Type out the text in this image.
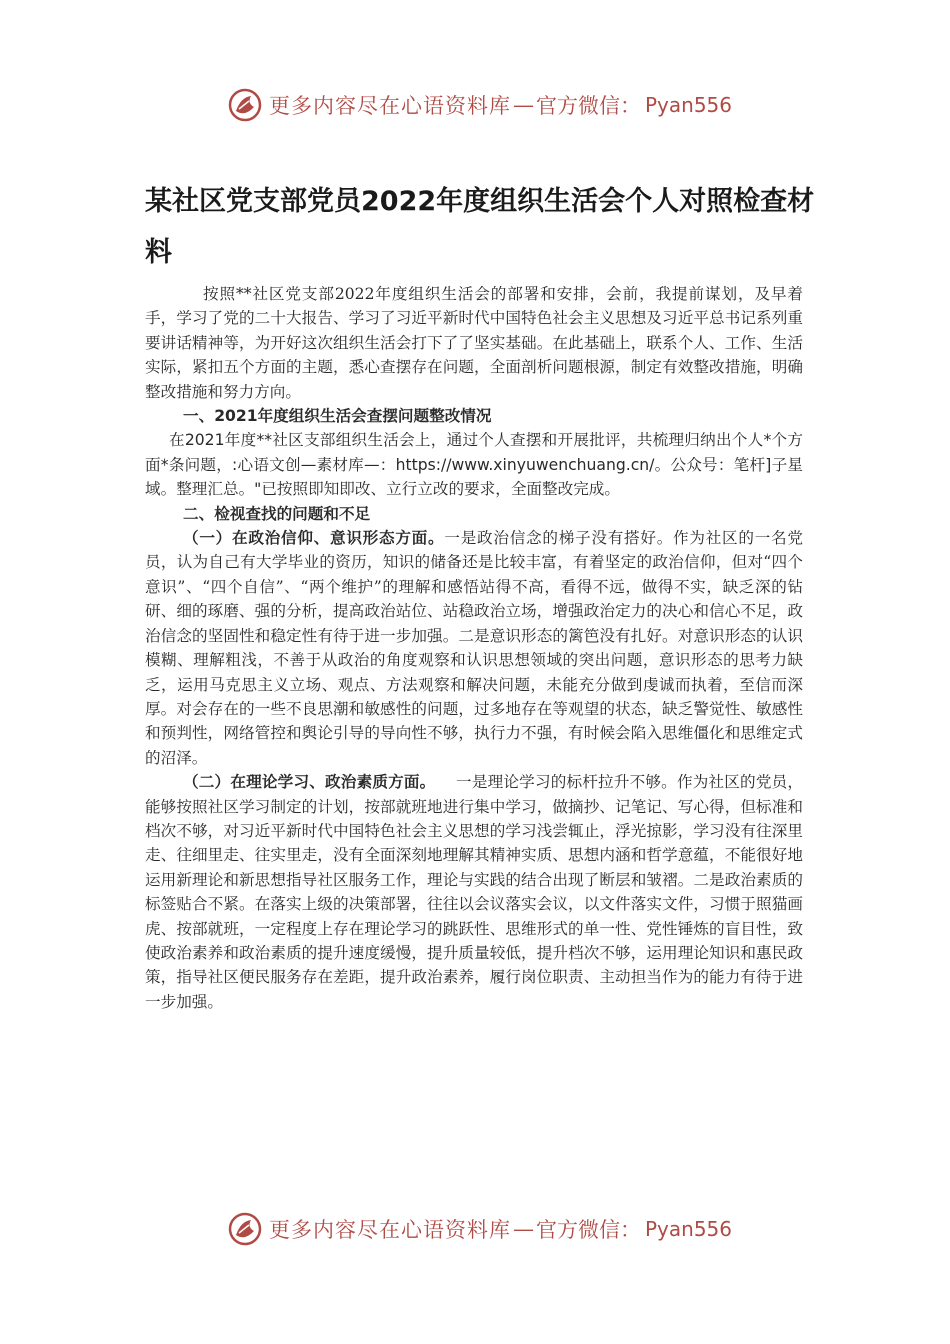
更多内容尽在心语资料库 — 官方微信： Pyan556
某社区党支部党员2022年度组织生活会个人对照检查材料

按照**社区党支部2022年度组织生活会的部署和安排，会前，我提前谋划，及早着手，学习了党的二十大报告、学习了习近平新时代中国特色社会主义思想及习近平总书记系列重要讲话精神等，为开好这次组织生活会打下了了坚实基础。在此基础上，联系个人、工作、生活实际，紧扣五个方面的主题，悉心查摆存在问题，全面剖析问题根源，制定有效整改措施，明确整改措施和努力方向。

一、2021年度组织生活会查摆问题整改情况

在2021年度**社区支部组织生活会上，通过个人查摆和开展批评，共梳理归纳出个人*个方面*条问题，:心语文创—素材库—：https://www.xinyuwenchuang.cn/。公众号：笔杆]子星域。整理汇总。"已按照即知即改、立行立改的要求，全面整改完成。

二、检视查找的问题和不足

（一）在政治信仰、意识形态方面。一是政治信念的梯子没有搭好。作为社区的一名党员，认为自己有大学毕业的资历，知识的储备还是比较丰富，有着坚定的政治信仰，但对“四个意识”、“四个自信”、“两个维护”的理解和感悟站得不高，看得不远，做得不实，缺乏深的钻研、细的琢磨、强的分析，提高政治站位、站稳政治立场，增强政治定力的决心和信心不足，政治信念的坚固性和稳定性有待于进一步加强。二是意识形态的篱笆没有扎好。对意识形态的认识模糊、理解粗浅，不善于从政治的角度观察和认识思想领域的突出问题，意识形态的思考力缺乏，运用马克思主义立场、观点、方法观察和解决问题，未能充分做到虔诚而执着，至信而深厚。对会存在的一些不良思潮和敏感性的问题，过多地存在等观望的状态，缺乏警觉性、敏感性和预判性，网络管控和舆论引导的导向性不够，执行力不强，有时候会陷入思维僵化和思维定式的沼泽。

（二）在理论学习、政治素质方面。 一是理论学习的标杆拉升不够。作为社区的党员，能够按照社区学习制定的计划，按部就班地进行集中学习，做摘抄、记笔记、写心得，但标准和档次不够，对习近平新时代中国特色社会主义思想的学习浅尝辄止，浮光掠影，学习没有往深里走、往细里走、往实里走，没有全面深刻地理解其精神实质、思想内涵和哲学意蕴，不能很好地运用新理论和新思想指导社区服务工作，理论与实践的结合出现了断层和皱褶。二是政治素质的标签贴合不紧。在落实上级的决策部署，往往以会议落实会议，以文件落实文件，习惯于照猫画虎、按部就班，一定程度上存在理论学习的跳跃性、思维形式的单一性、党性锤炼的盲目性，致使政治素养和政治素质的提升速度缓慢，提升质量较低，提升档次不够，运用理论知识和惠民政策，指导社区便民服务存在差距，提升政治素养，履行岗位职责、主动担当作为的能力有待于进一步加强。

更多内容尽在心语资料库 — 官方微信： Pyan556
